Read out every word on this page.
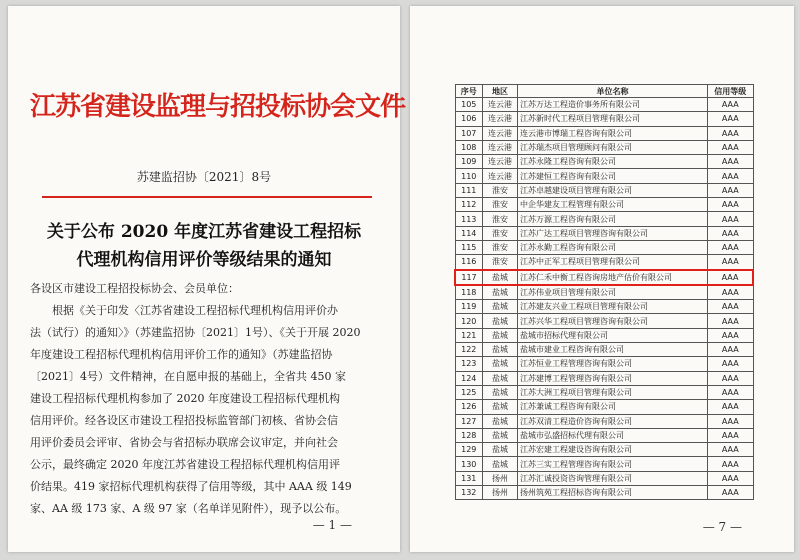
江苏省建设监理与招投标协会文件
苏建监招协〔2021〕8号
关于公布 2020 年度江苏省建设工程招标
代理机构信用评价等级结果的通知

各设区市建设工程招投标协会、会员单位：

根据《关于印发〈江苏省建设工程招标代理机构信用评价办

法（试行）的通知〉》（苏建监招协〔2021〕1号）、《关于开展 2020

年度建设工程招标代理机构信用评价工作的通知》（苏建监招协

〔2021〕4号）文件精神，在自愿申报的基础上，全省共 450 家

建设工程招标代理机构参加了 2020 年度建设工程招标代理机构

信用评价。经各设区市建设工程招投标监管部门初核、省协会信

用评价委员会评审、省协会与省招标办联席会议审定，并向社会

公示，最终确定 2020 年度江苏省建设工程招标代理机构信用评

价结果。419 家招标代理机构获得了信用等级，其中 AAA 级 149

家、AA 级 173 家、A 级 97 家（名单详见附件），现予以公布。

— 1 —
序号	地区	单位名称	信用等级
105	连云港	江苏万达工程造价事务所有限公司	AAA
106	连云港	江苏新时代工程项目管理有限公司	AAA
107	连云港	连云港市博瑞工程咨询有限公司	AAA
108	连云港	江苏瑞杰项目管理顾问有限公司	AAA
109	连云港	江苏永隆工程咨询有限公司	AAA
110	连云港	江苏建恒工程咨询有限公司	AAA
111	淮安	江苏卓越建设项目管理有限公司	AAA
112	淮安	中企华建友工程管理有限公司	AAA
113	淮安	江苏万源工程咨询有限公司	AAA
114	淮安	江苏广达工程项目管理咨询有限公司	AAA
115	淮安	江苏永勤工程咨询有限公司	AAA
116	淮安	江苏中正军工程项目管理有限公司	AAA
117	盐城	江苏仁禾中衡工程咨询房地产估价有限公司	AAA
118	盐城	江苏伟业项目管理有限公司	AAA
119	盐城	江苏建友兴业工程项目管理有限公司	AAA
120	盐城	江苏兴华工程项目管理咨询有限公司	AAA
121	盐城	盐城市招标代理有限公司	AAA
122	盐城	盐城市建业工程咨询有限公司	AAA
123	盐城	江苏恒业工程管理咨询有限公司	AAA
124	盐城	江苏建博工程管理咨询有限公司	AAA
125	盐城	江苏大洲工程项目管理有限公司	AAA
126	盐城	江苏兼诚工程咨询有限公司	AAA
127	盐城	江苏双清工程造价咨询有限公司	AAA
128	盐城	盐城市弘盛招标代理有限公司	AAA
129	盐城	江苏宏建工程建设咨询有限公司	AAA
130	盐城	江苏三实工程管理咨询有限公司	AAA
131	扬州	江苏汇诚投资咨询管理有限公司	AAA
132	扬州	扬州筑苑工程招标咨询有限公司	AAA
— 7 —
